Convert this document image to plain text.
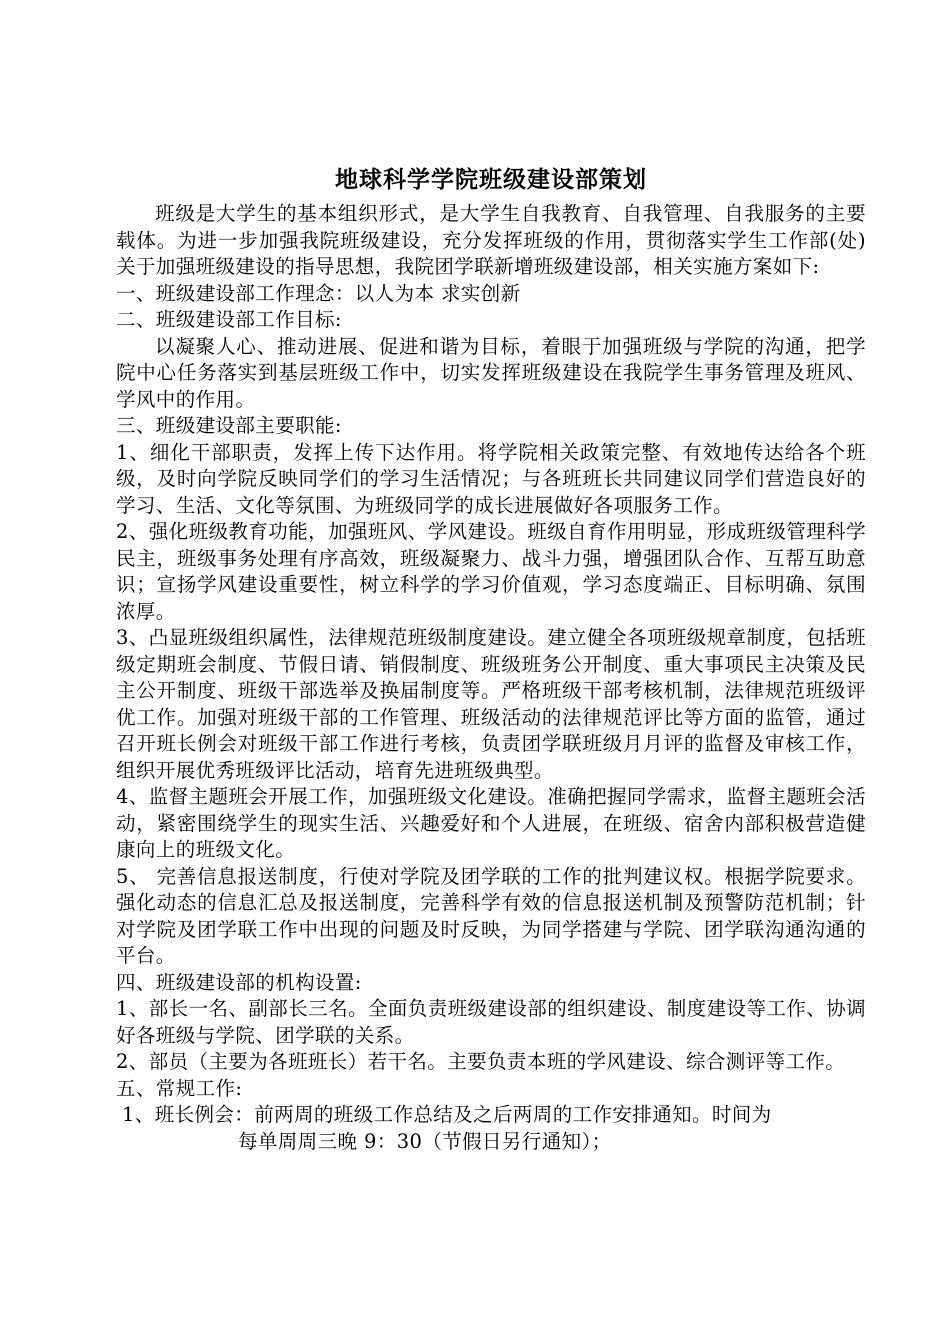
地球科学学院班级建设部策划

班级是大学生的基本组织形式，是大学生自我教育、自我管理、自我服务的主要载体。为进一步加强我院班级建设，充分发挥班级的作用，贯彻落实学生工作部(处)关于加强班级建设的指导思想，我院团学联新增班级建设部，相关实施方案如下:

一、班级建设部工作理念：以人为本 求实创新

二、班级建设部工作目标:

以凝聚人心、推动进展、促进和谐为目标，着眼于加强班级与学院的沟通，把学院中心任务落实到基层班级工作中，切实发挥班级建设在我院学生事务管理及班风、学风中的作用。

三、班级建设部主要职能:

1、细化干部职责，发挥上传下达作用。将学院相关政策完整、有效地传达给各个班级，及时向学院反映同学们的学习生活情况；与各班班长共同建议同学们营造良好的学习、生活、文化等氛围、为班级同学的成长进展做好各项服务工作。

2、强化班级教育功能，加强班风、学风建设。班级自育作用明显，形成班级管理科学民主，班级事务处理有序高效，班级凝聚力、战斗力强，增强团队合作、互帮互助意识；宣扬学风建设重要性，树立科学的学习价值观，学习态度端正、目标明确、氛围浓厚。

3、凸显班级组织属性，法律规范班级制度建设。建立健全各项班级规章制度，包括班级定期班会制度、节假日请、销假制度、班级班务公开制度、重大事项民主决策及民主公开制度、班级干部选举及换届制度等。严格班级干部考核机制，法律规范班级评优工作。加强对班级干部的工作管理、班级活动的法律规范评比等方面的监管，通过召开班长例会对班级干部工作进行考核，负责团学联班级月月评的监督及审核工作，组织开展优秀班级评比活动，培育先进班级典型。

4、监督主题班会开展工作，加强班级文化建设。准确把握同学需求，监督主题班会活动，紧密围绕学生的现实生活、兴趣爱好和个人进展，在班级、宿舍内部积极营造健康向上的班级文化。

5、 完善信息报送制度，行使对学院及团学联的工作的批判建议权。根据学院要求。强化动态的信息汇总及报送制度，完善科学有效的信息报送机制及预警防范机制；针对学院及团学联工作中出现的问题及时反映，为同学搭建与学院、团学联沟通沟通的平台。

四、班级建设部的机构设置:

1、部长一名、副部长三名。全面负责班级建设部的组织建设、制度建设等工作、协调好各班级与学院、团学联的关系。

2、部员（主要为各班班长）若干名。主要负责本班的学风建设、综合测评等工作。

五、常规工作:

1、班长例会：前两周的班级工作总结及之后两周的工作安排通知。时间为

每单周周三晚 9：30（节假日另行通知）；
